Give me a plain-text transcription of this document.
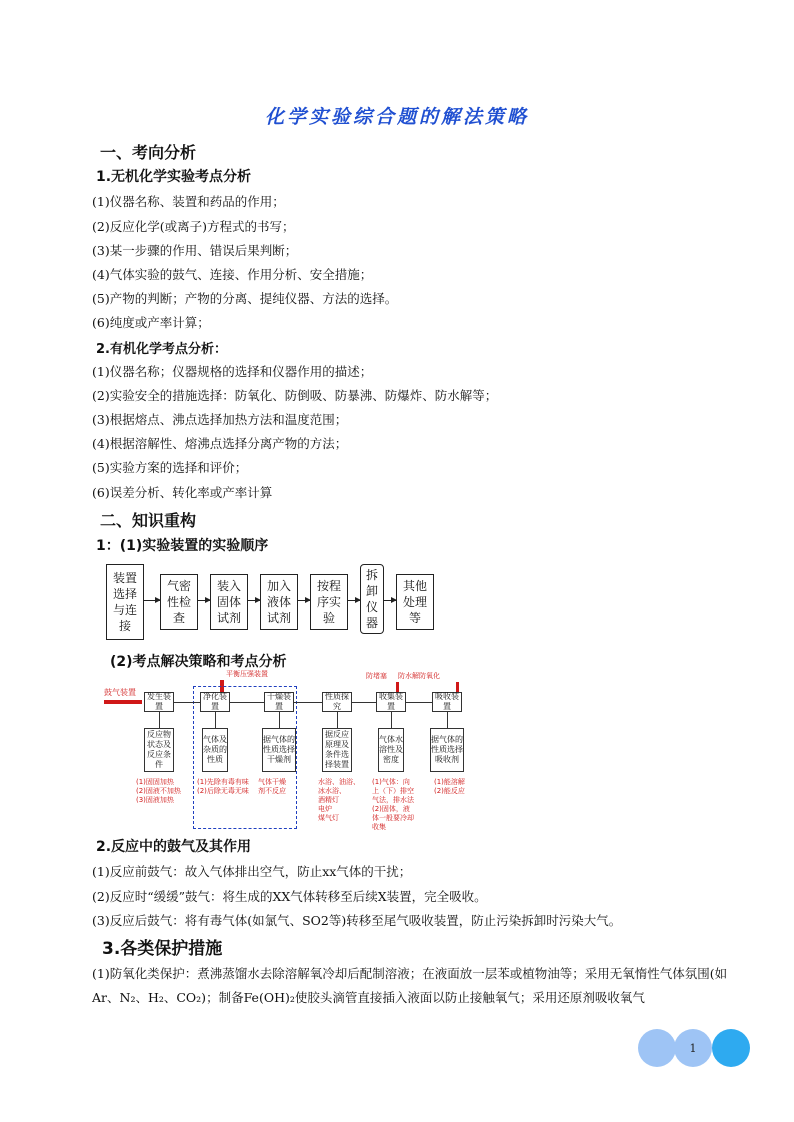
化学实验综合题的解法策略
一、考向分析
1.无机化学实验考点分析
(1)仪器名称、装置和药品的作用；
(2)反应化学(或离子)方程式的书写；
(3)某一步骤的作用、错误后果判断；
(4)气体实验的鼓气、连接、作用分析、安全措施；
(5)产物的判断；产物的分离、提纯仪器、方法的选择。
(6)纯度或产率计算；
2.有机化学考点分析：
(1)仪器名称；仪器规格的选择和仪器作用的描述；
(2)实验安全的措施选择：防氧化、防倒吸、防暴沸、防爆炸、防水解等；
(3)根据熔点、沸点选择加热方法和温度范围；
(4)根据溶解性、熔沸点选择分离产物的方法；
(5)实验方案的选择和评价；
(6)误差分析、转化率或产率计算
二、知识重构
1：(1)实验装置的实验顺序
装置选择与连接
气密性检查
装入固体试剂
加入液体试剂
按程序实验
拆卸仪器
其他处理等
(2)考点解决策略和考点分析
平衡压强装置	防堵塞 防水解防氧化
鼓气装置	发生装置
净化装置
干燥装置
性质探究
收集装置
吸收装置
反应物状态及反应条件
气体及杂质的性质
据气体的性质选择干燥剂
据反应原理及条件选择装置
气体水溶性及密度
据气体的性质选择吸收剂
(1)固固加热
(2)固液不加热
(3)固液加热
(1)先除有毒有味
(2)后除无毒无味
气体干燥
剂不反应
水浴、油浴、
冰水浴、
酒精灯
电炉
煤气灯
(1)气体：向
上（下）排空
气法，排水法
(2)固体，液
体一般要冷却
收集
(1)能溶解
(2)能反应
2.反应中的鼓气及其作用
(1)反应前鼓气：故入气体排出空气，防止xx气体的干扰；
(2)反应时“缓缓”鼓气：将生成的XX气体转移至后续X装置，完全吸收。
(3)反应后鼓气：将有毒气体(如氯气、SO2等)转移至尾气吸收装置，防止污染拆卸时污染大气。
3.各类保护措施
(1)防氧化类保护：煮沸蒸馏水去除溶解氧冷却后配制溶液；在液面放一层苯或植物油等；采用无氧惰性气体氛围(如Ar、N₂、H₂、CO₂)；制备Fe(OH)₂使胶头滴管直接插入液面以防止接触氧气；采用还原剂吸收氧气
1
